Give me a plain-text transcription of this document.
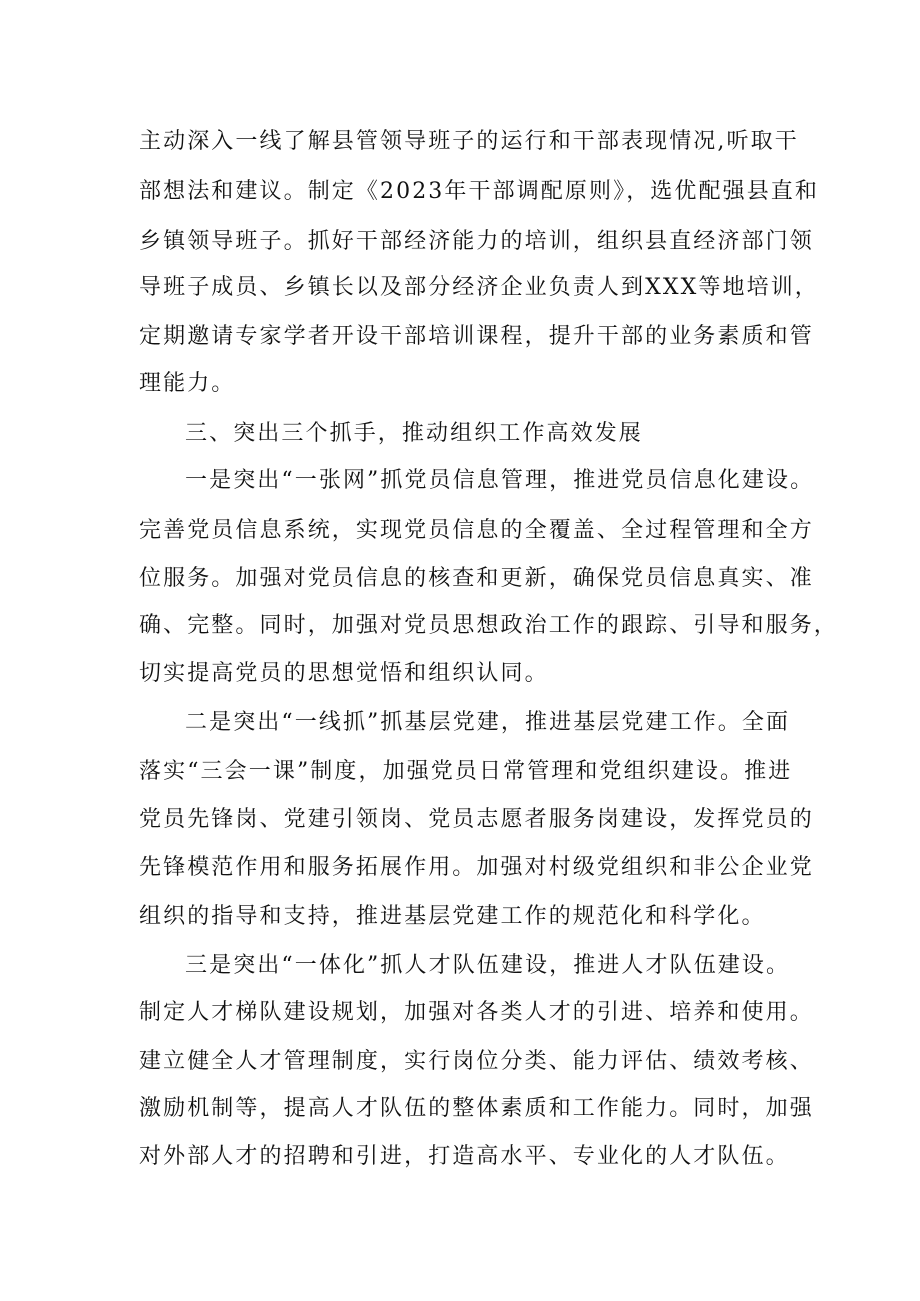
主动深入一线了解县管领导班子的运行和干部表现情况,听取干
部想法和建议。制定《2023年干部调配原则》，选优配强县直和
乡镇领导班子。抓好干部经济能力的培训，组织县直经济部门领
导班子成员、乡镇长以及部分经济企业负责人到XXX等地培训，
定期邀请专家学者开设干部培训课程，提升干部的业务素质和管
理能力。
三、突出三个抓手，推动组织工作高效发展
一是突出“一张网”抓党员信息管理，推进党员信息化建设。
完善党员信息系统，实现党员信息的全覆盖、全过程管理和全方
位服务。加强对党员信息的核查和更新，确保党员信息真实、准
确、完整。同时，加强对党员思想政治工作的跟踪、引导和服务，
切实提高党员的思想觉悟和组织认同。
二是突出“一线抓”抓基层党建，推进基层党建工作。全面
落实“三会一课”制度，加强党员日常管理和党组织建设。推进
党员先锋岗、党建引领岗、党员志愿者服务岗建设，发挥党员的
先锋模范作用和服务拓展作用。加强对村级党组织和非公企业党
组织的指导和支持，推进基层党建工作的规范化和科学化。
三是突出“一体化”抓人才队伍建设，推进人才队伍建设。
制定人才梯队建设规划，加强对各类人才的引进、培养和使用。
建立健全人才管理制度，实行岗位分类、能力评估、绩效考核、
激励机制等，提高人才队伍的整体素质和工作能力。同时，加强
对外部人才的招聘和引进，打造高水平、专业化的人才队伍。
